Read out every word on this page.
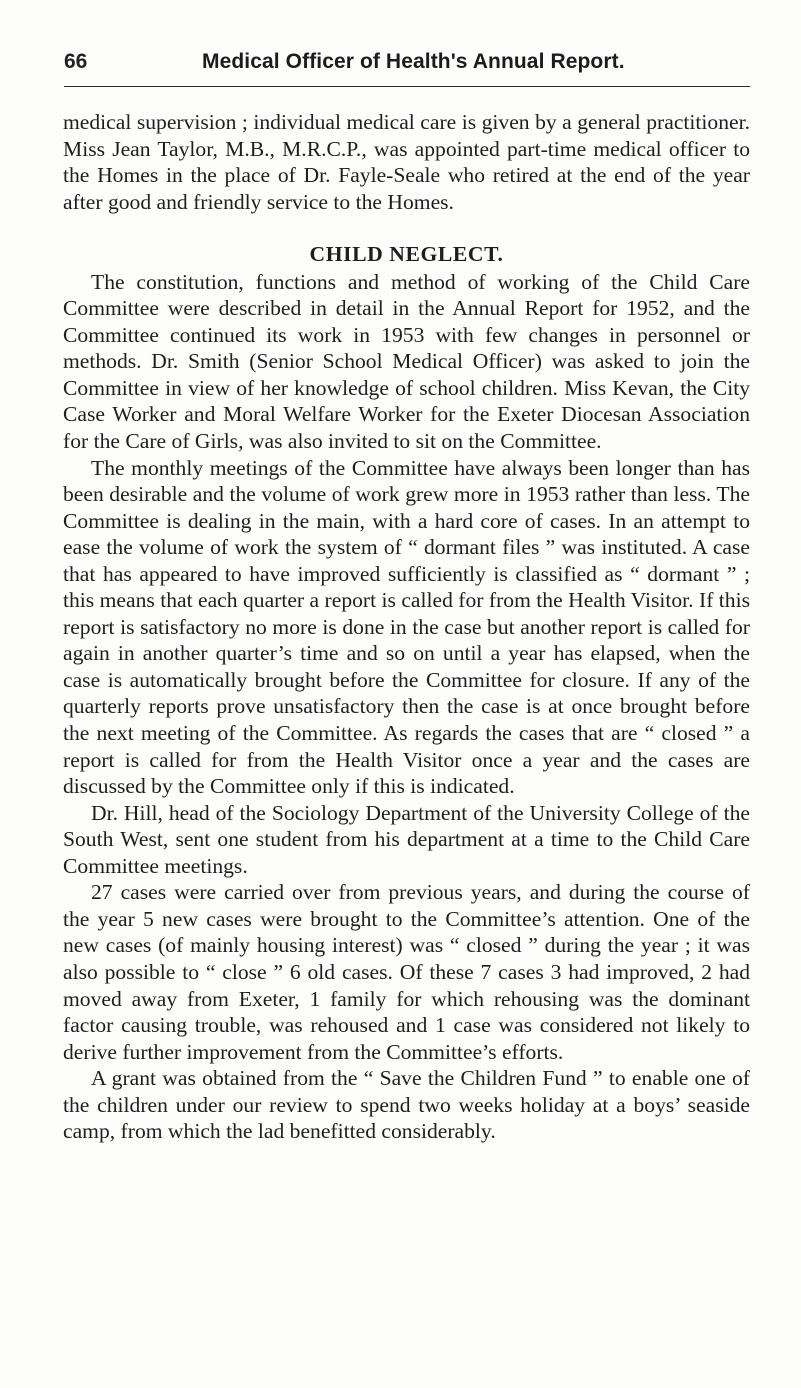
66	Medical Officer of Health's Annual Report.

medical supervision ; individual medical care is given by a general practitioner. Miss Jean Taylor, M.B., M.R.C.P., was appointed part-time medical officer to the Homes in the place of Dr. Fayle-Seale who retired at the end of the year after good and friendly service to the Homes.

CHILD NEGLECT.

The constitution, functions and method of working of the Child Care Committee were described in detail in the Annual Report for 1952, and the Committee continued its work in 1953 with few changes in personnel or methods. Dr. Smith (Senior School Medical Officer) was asked to join the Committee in view of her knowledge of school children. Miss Kevan, the City Case Worker and Moral Welfare Worker for the Exeter Diocesan Association for the Care of Girls, was also invited to sit on the Committee.

The monthly meetings of the Committee have always been longer than has been desirable and the volume of work grew more in 1953 rather than less. The Committee is dealing in the main, with a hard core of cases. In an attempt to ease the volume of work the system of “ dormant files ” was instituted. A case that has appeared to have improved sufficiently is classified as “ dormant ” ; this means that each quarter a report is called for from the Health Visitor. If this report is satisfactory no more is done in the case but another report is called for again in another quarter’s time and so on until a year has elapsed, when the case is automatically brought before the Committee for closure. If any of the quarterly reports prove unsatisfactory then the case is at once brought before the next meeting of the Committee. As regards the cases that are “ closed ” a report is called for from the Health Visitor once a year and the cases are discussed by the Committee only if this is indicated.

Dr. Hill, head of the Sociology Department of the University College of the South West, sent one student from his department at a time to the Child Care Committee meetings.

27 cases were carried over from previous years, and during the course of the year 5 new cases were brought to the Committee’s attention. One of the new cases (of mainly housing interest) was “ closed ” during the year ; it was also possible to “ close ” 6 old cases. Of these 7 cases 3 had improved, 2 had moved away from Exeter, 1 family for which rehousing was the dominant factor causing trouble, was rehoused and 1 case was considered not likely to derive further improvement from the Committee’s efforts.

A grant was obtained from the “ Save the Children Fund ” to enable one of the children under our review to spend two weeks holiday at a boys’ seaside camp, from which the lad benefitted considerably.
